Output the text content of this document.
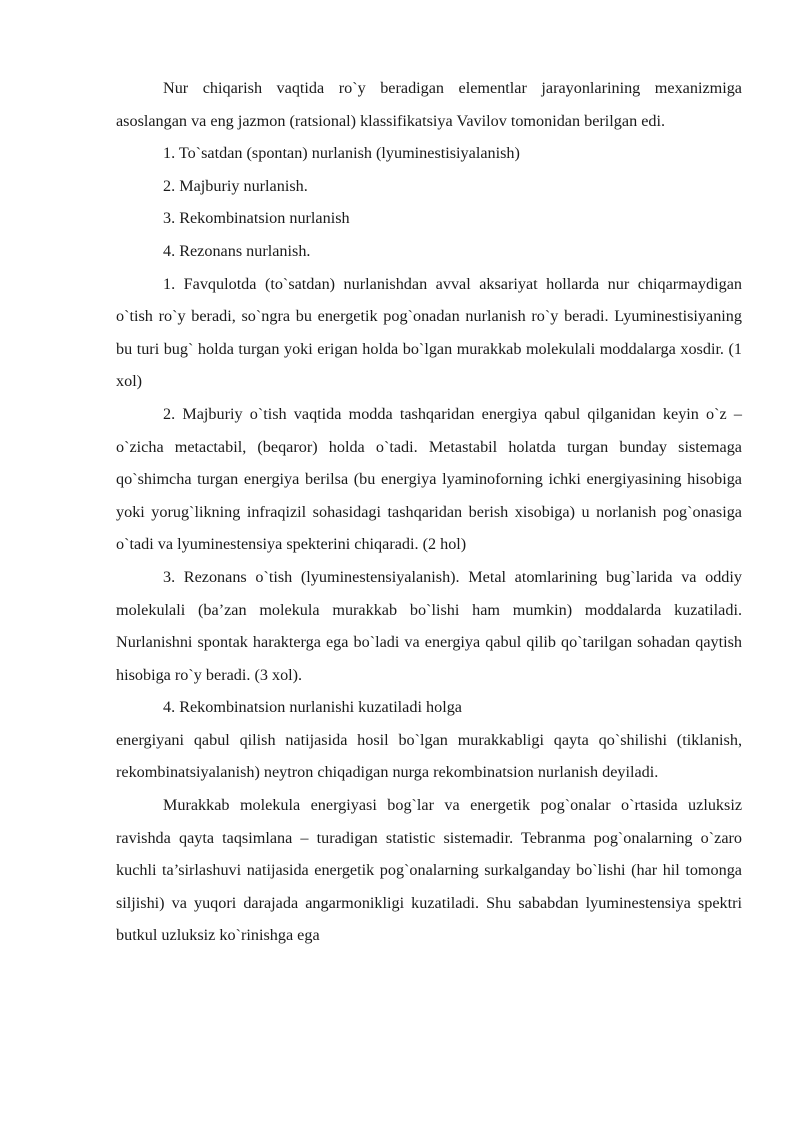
Nur chiqarish vaqtida ro`y beradigan elementlar jarayonlarining mexanizmiga asoslangan va eng jazmon (ratsional) klassifikatsiya Vavilov tomonidan berilgan edi.

1. To`satdan (spontan) nurlanish (lyuminestisiyalanish)
2. Majburiy nurlanish.
3. Rekombinatsion nurlanish
4. Rezonans nurlanish.

1. Favqulotda (to`satdan) nurlanishdan avval aksariyat hollarda nur chiqarmaydigan o`tish ro`y beradi, so`ngra bu energetik pog`onadan nurlanish ro`y beradi. Lyuminestisiyaning bu turi bug` holda turgan yoki erigan holda bo`lgan murakkab molekulali moddalarga xosdir. (1 xol)

2. Majburiy o`tish vaqtida modda tashqaridan energiya qabul qilganidan keyin o`z –o`zicha metactabil, (beqaror) holda o`tadi. Metastabil holatda turgan bunday sistemaga qo`shimcha turgan energiya berilsa (bu energiya lyaminoforning ichki energiyasining hisobiga yoki yorug`likning infraqizil sohasidagi tashqaridan berish xisobiga) u norlanish pog`onasiga o`tadi va lyuminestensiya spekterini chiqaradi. (2 hol)

3. Rezonans o`tish (lyuminestensiyalanish). Metal atomlarining bug`larida va oddiy molekulali (ba’zan molekula murakkab bo`lishi ham mumkin) moddalarda kuzatiladi. Nurlanishni spontak harakterga ega bo`ladi va energiya qabul qilib qo`tarilgan sohadan qaytish hisobiga ro`y beradi. (3 xol).

4. Rekombinatsion nurlanishi kuzatiladi holga

energiyani qabul qilish natijasida hosil bo`lgan murakkabligi qayta qo`shilishi (tiklanish, rekombinatsiyalanish) neytron chiqadigan nurga rekombinatsion nurlanish deyiladi.

Murakkab molekula energiyasi bog`lar va energetik pog`onalar o`rtasida uzluksiz ravishda qayta taqsimlana – turadigan statistic sistemadir. Tebranma pog`onalarning o`zaro kuchli ta’sirlashuvi natijasida energetik pog`onalarning surkalganday bo`lishi (har hil tomonga siljishi) va yuqori darajada angarmonikligi kuzatiladi. Shu sababdan lyuminestensiya spektri butkul uzluksiz ko`rinishga ega
